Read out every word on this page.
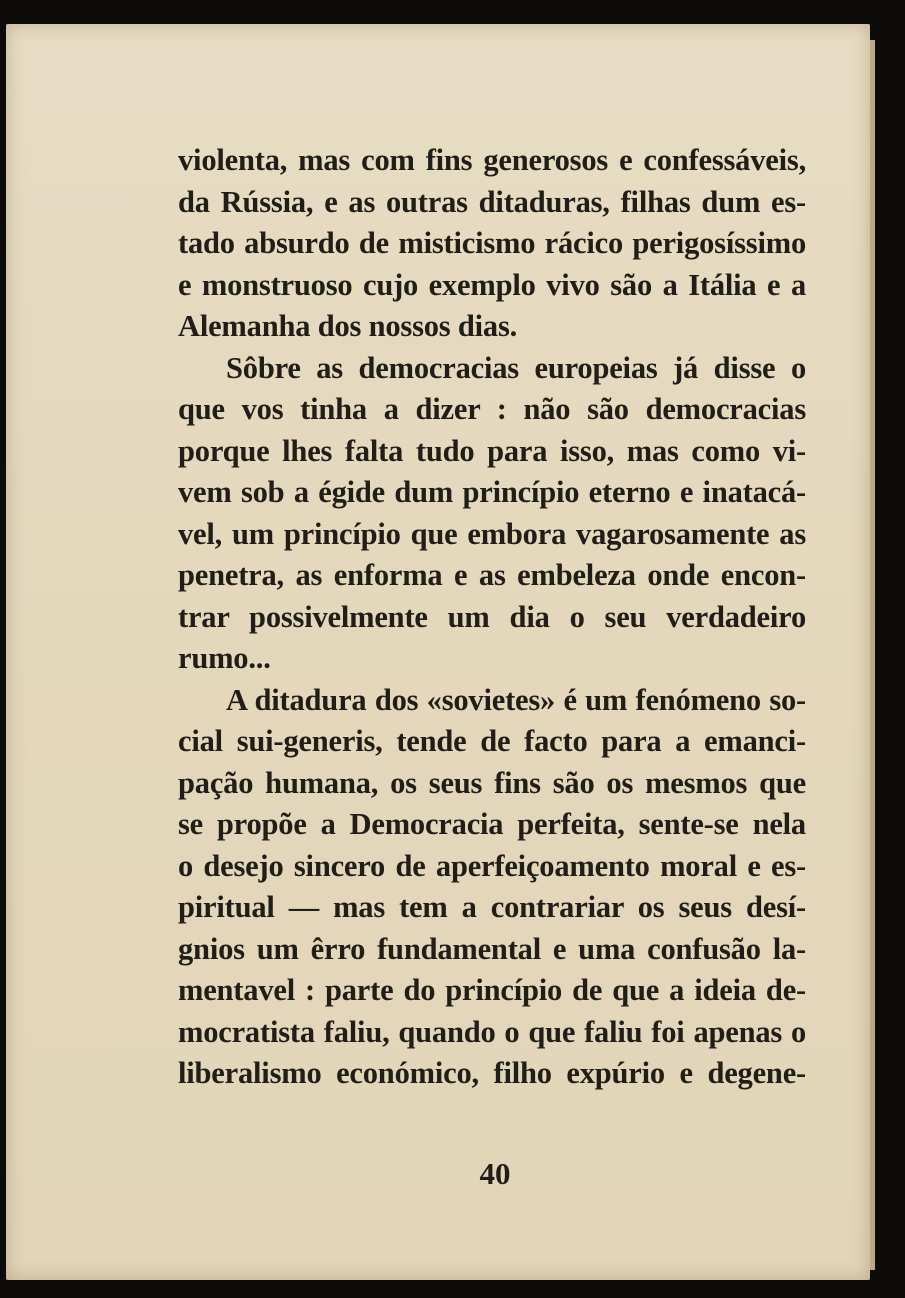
violenta, mas com fins generosos e confessáveis,
da Rússia, e as outras ditaduras, filhas dum es-
tado absurdo de misticismo rácico perigosíssimo
e monstruoso cujo exemplo vivo são a Itália e a
Alemanha dos nossos dias.
Sôbre as democracias europeias já disse o
que vos tinha a dizer : não são democracias
porque lhes falta tudo para isso, mas como vi-
vem sob a égide dum princípio eterno e inatacá-
vel, um princípio que embora vagarosamente as
penetra, as enforma e as embeleza onde encon-
trar possivelmente um dia o seu verdadeiro
rumo...
A ditadura dos «sovietes» é um fenómeno so-
cial sui-generis, tende de facto para a emanci-
pação humana, os seus fins são os mesmos que
se propõe a Democracia perfeita, sente-se nela
o desejo sincero de aperfeiçoamento moral e es-
piritual — mas tem a contrariar os seus desí-
gnios um êrro fundamental e uma confusão la-
mentavel : parte do princípio de que a ideia de-
mocratista faliu, quando o que faliu foi apenas o
liberalismo económico, filho expúrio e degene-
40
